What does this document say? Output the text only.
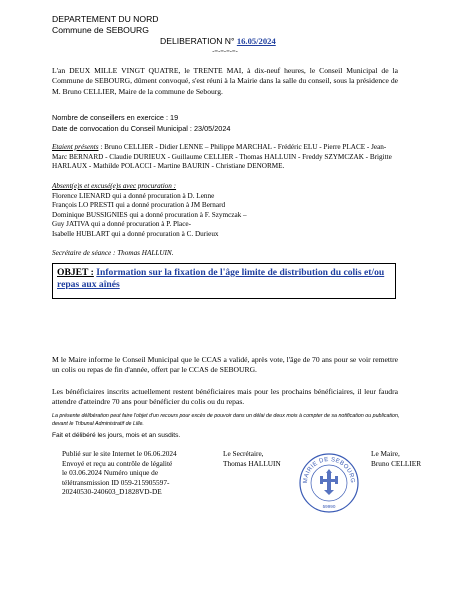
DEPARTEMENT DU NORD
Commune de SEBOURG
DELIBERATION N° 16.05/2024
-=-=-=-=-
L'an DEUX MILLE VINGT QUATRE, le TRENTE MAI, à dix-neuf heures, le Conseil Municipal de la Commune de SEBOURG, dûment convoqué, s'est réuni à la Mairie dans la salle du conseil, sous la présidence de M. Bruno CELLIER, Maire de la commune de Sebourg.
Nombre de conseillers en exercice : 19
Date de convocation du Conseil Municipal : 23/05/2024
Etaient présents : Bruno CELLIER - Didier LENNE – Philippe MARCHAL - Frédéric ELU - Pierre PLACE - Jean-Marc BERNARD - Claudie DURIEUX - Guillaume CELLIER - Thomas HALLUIN - Freddy SZYMCZAK - Brigitte HARLAUX - Mathilde POLACCI - Martine BAURIN - Christiane DENORME.
Absent(e)s et excusé(e)s avec procuration :
Florence LIENARD qui a donné procuration à D. Lenne
François LO PRESTI qui a donné procuration à JM Bernard
Dominique BUSSIGNIES qui a donné procuration à F. Szymczak –
Guy JATIVA qui a donné procuration à P. Place-
Isabelle HUBLART qui a donné procuration à C. Durieux
Secrétaire de séance : Thomas HALLUIN.
OBJET : Information sur la fixation de l'âge limite de distribution du colis et/ou repas aux aînés
M le Maire informe le Conseil Municipal que le CCAS a validé, après vote, l'âge de 70 ans pour se voir remettre un colis ou repas de fin d'année, offert par le CCAS de SEBOURG.
Les bénéficiaires inscrits actuellement restent bénéficiaires mais pour les prochains bénéficiaires, il leur faudra attendre d'atteindre 70 ans pour bénéficier du colis ou du repas.
La présente délibération peut faire l'objet d'un recours pour excès de pouvoir dans un délai de deux mois à compter de sa notification ou publication, devant le Tribunal Administratif de Lille.
Fait et délibéré les jours, mois et an susdits.
Publié sur le site Internet le 06.06.2024
Envoyé et reçu au contrôle de légalité
le 03.06.2024 Numéro unique de
télétransmission ID 059-215905597-
20240530-240603_D1828VD-DE
Le Secrétaire,
Thomas HALLUIN
Le Maire,
Bruno CELLIER
MAIRIE DE SEBOURG
59990
